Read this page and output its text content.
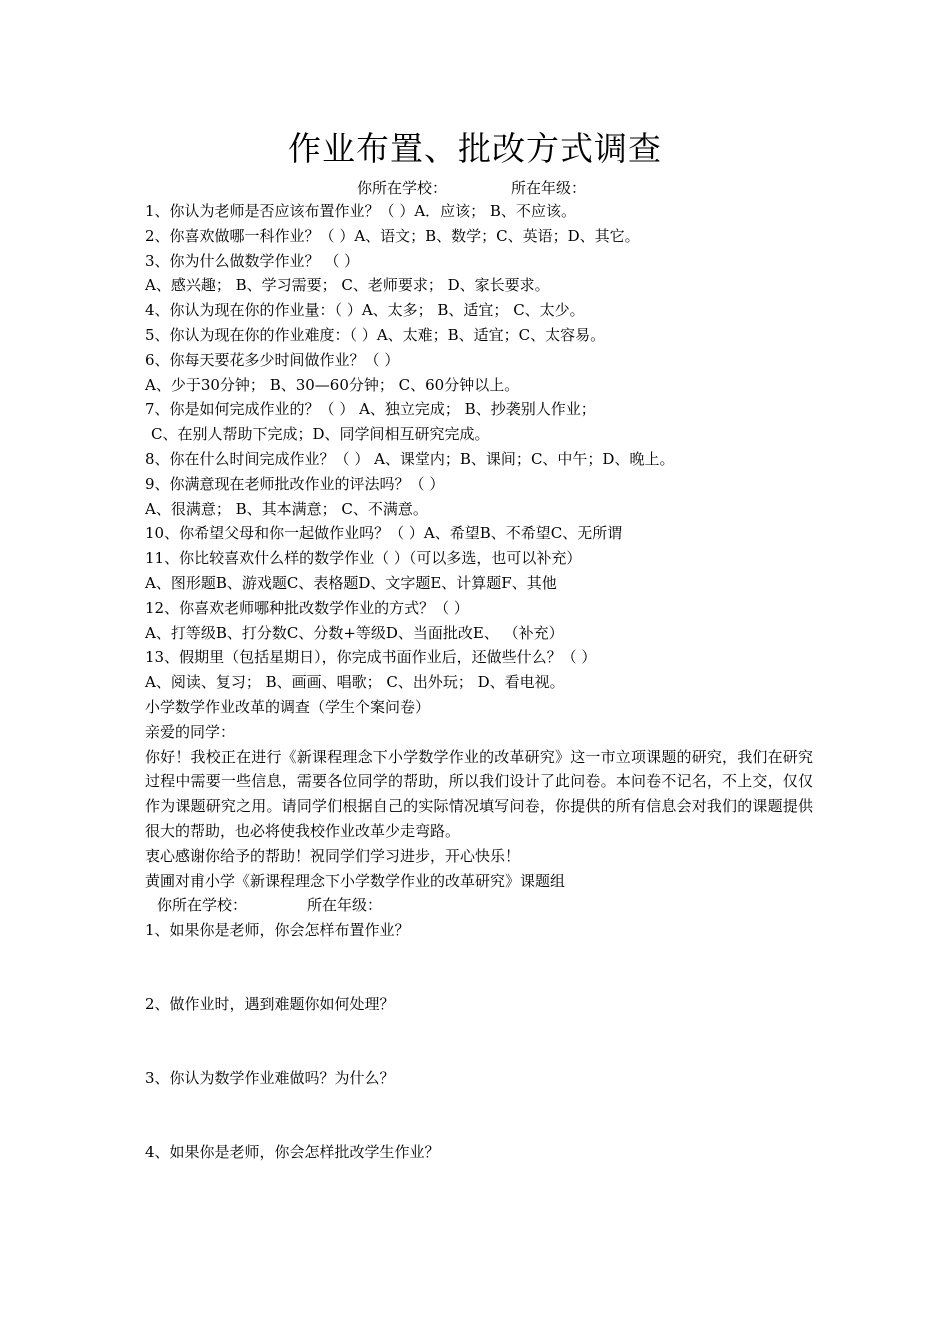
作业布置、批改方式调查
你所在学校：	所在年级：
1、你认为老师是否应该布置作业？（ ）A．应该； B、不应该。
2、你喜欢做哪一科作业？（ ）A、语文；B、数学；C、英语；D、其它。
3、你为什么做数学作业？ （ ）
A、感兴趣； B、学习需要； C、老师要求； D、家长要求。
4、你认为现在你的作业量：（ ）A、太多； B、适宜； C、太少。
5、你认为现在你的作业难度：（ ）A、太难；B、适宜；C、太容易。
6、你每天要花多少时间做作业？（ ）
A、少于30分钟； B、30—60分钟； C、60分钟以上。
7、你是如何完成作业的？（ ） A、独立完成； B、抄袭别人作业；
C、在别人帮助下完成；D、同学间相互研究完成。
8、你在什么时间完成作业？（ ） A、课堂内；B、课间；C、中午；D、晚上。
9、你满意现在老师批改作业的评法吗？（ ）
A、很满意； B、其本满意； C、不满意。
10、你希望父母和你一起做作业吗？（ ）A、希望B、不希望C、无所谓
11、你比较喜欢什么样的数学作业（ ）（可以多选，也可以补充）
A、图形题B、游戏题C、表格题D、文字题E、计算题F、其他
12、你喜欢老师哪种批改数学作业的方式？（ ）
A、打等级B、打分数C、分数+等级D、当面批改E、 （补充）
13、假期里（包括星期日），你完成书面作业后，还做些什么？（ ）
A、阅读、复习； B、画画、唱歌； C、出外玩； D、看电视。
小学数学作业改革的调查（学生个案问卷）
亲爱的同学：
你好！我校正在进行《新课程理念下小学数学作业的改革研究》这一市立项课题的研究，我们在研究过程中需要一些信息，需要各位同学的帮助，所以我们设计了此问卷。本问卷不记名，不上交，仅仅作为课题研究之用。请同学们根据自己的实际情况填写问卷，你提供的所有信息会对我们的课题提供很大的帮助，也必将使我校作业改革少走弯路。
衷心感谢你给予的帮助！祝同学们学习进步，开心快乐！
黄圃对甫小学《新课程理念下小学数学作业的改革研究》课题组
你所在学校：	所在年级：
1、如果你是老师，你会怎样布置作业？
2、做作业时，遇到难题你如何处理？
3、你认为数学作业难做吗？为什么？
4、如果你是老师，你会怎样批改学生作业？
